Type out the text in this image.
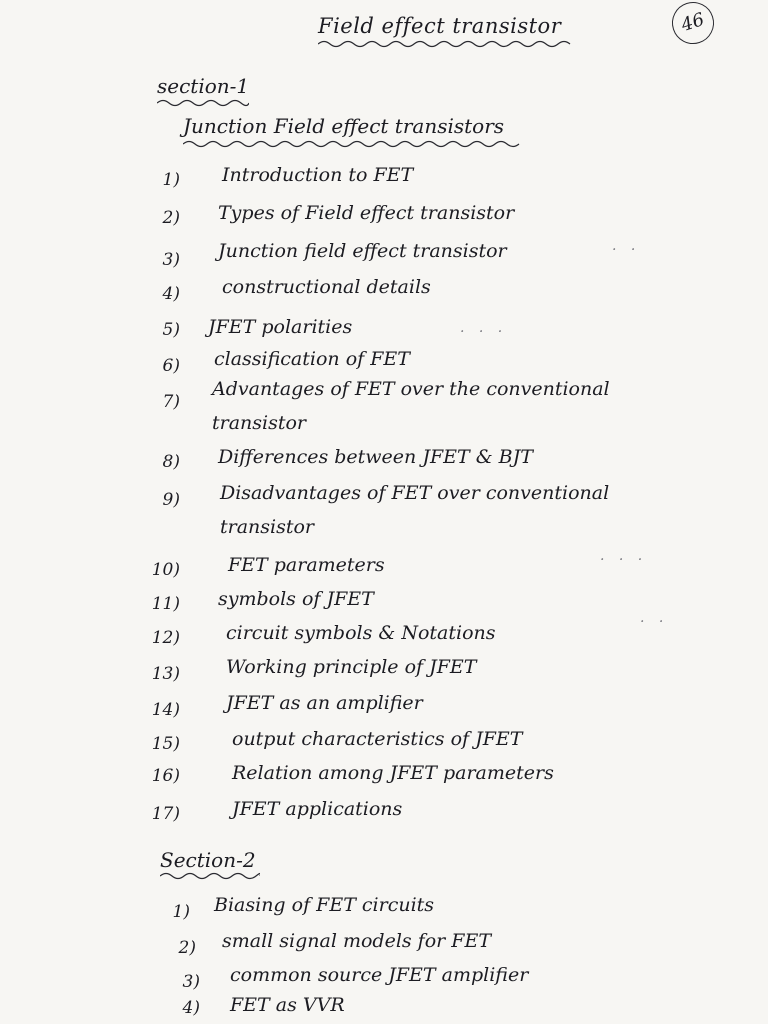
Field effect transistor	46
section-1
Junction Field effect transistors
1) Introduction to FET
2) Types of Field effect transistor
3) Junction field effect transistor
4) constructional details
5) JFET polarities
6) classification of FET
7)
Advantages of FET over the conventional
transistor
8) Differences between JFET & BJT
9) Disadvantages of FET over conventional
transistor
10)	FET parameters
11) symbols of JFET
12) circuit symbols & Notations
13) Working principle of JFET
14) JFET as an amplifier
15)	output characteristics of JFET
16)	Relation among JFET parameters
17)	JFET applications
Section-2
1) Biasing of FET circuits
2) small signal models for FET
3) common source JFET amplifier
4) FET as VVR
. .
. . .
. . .
. .
